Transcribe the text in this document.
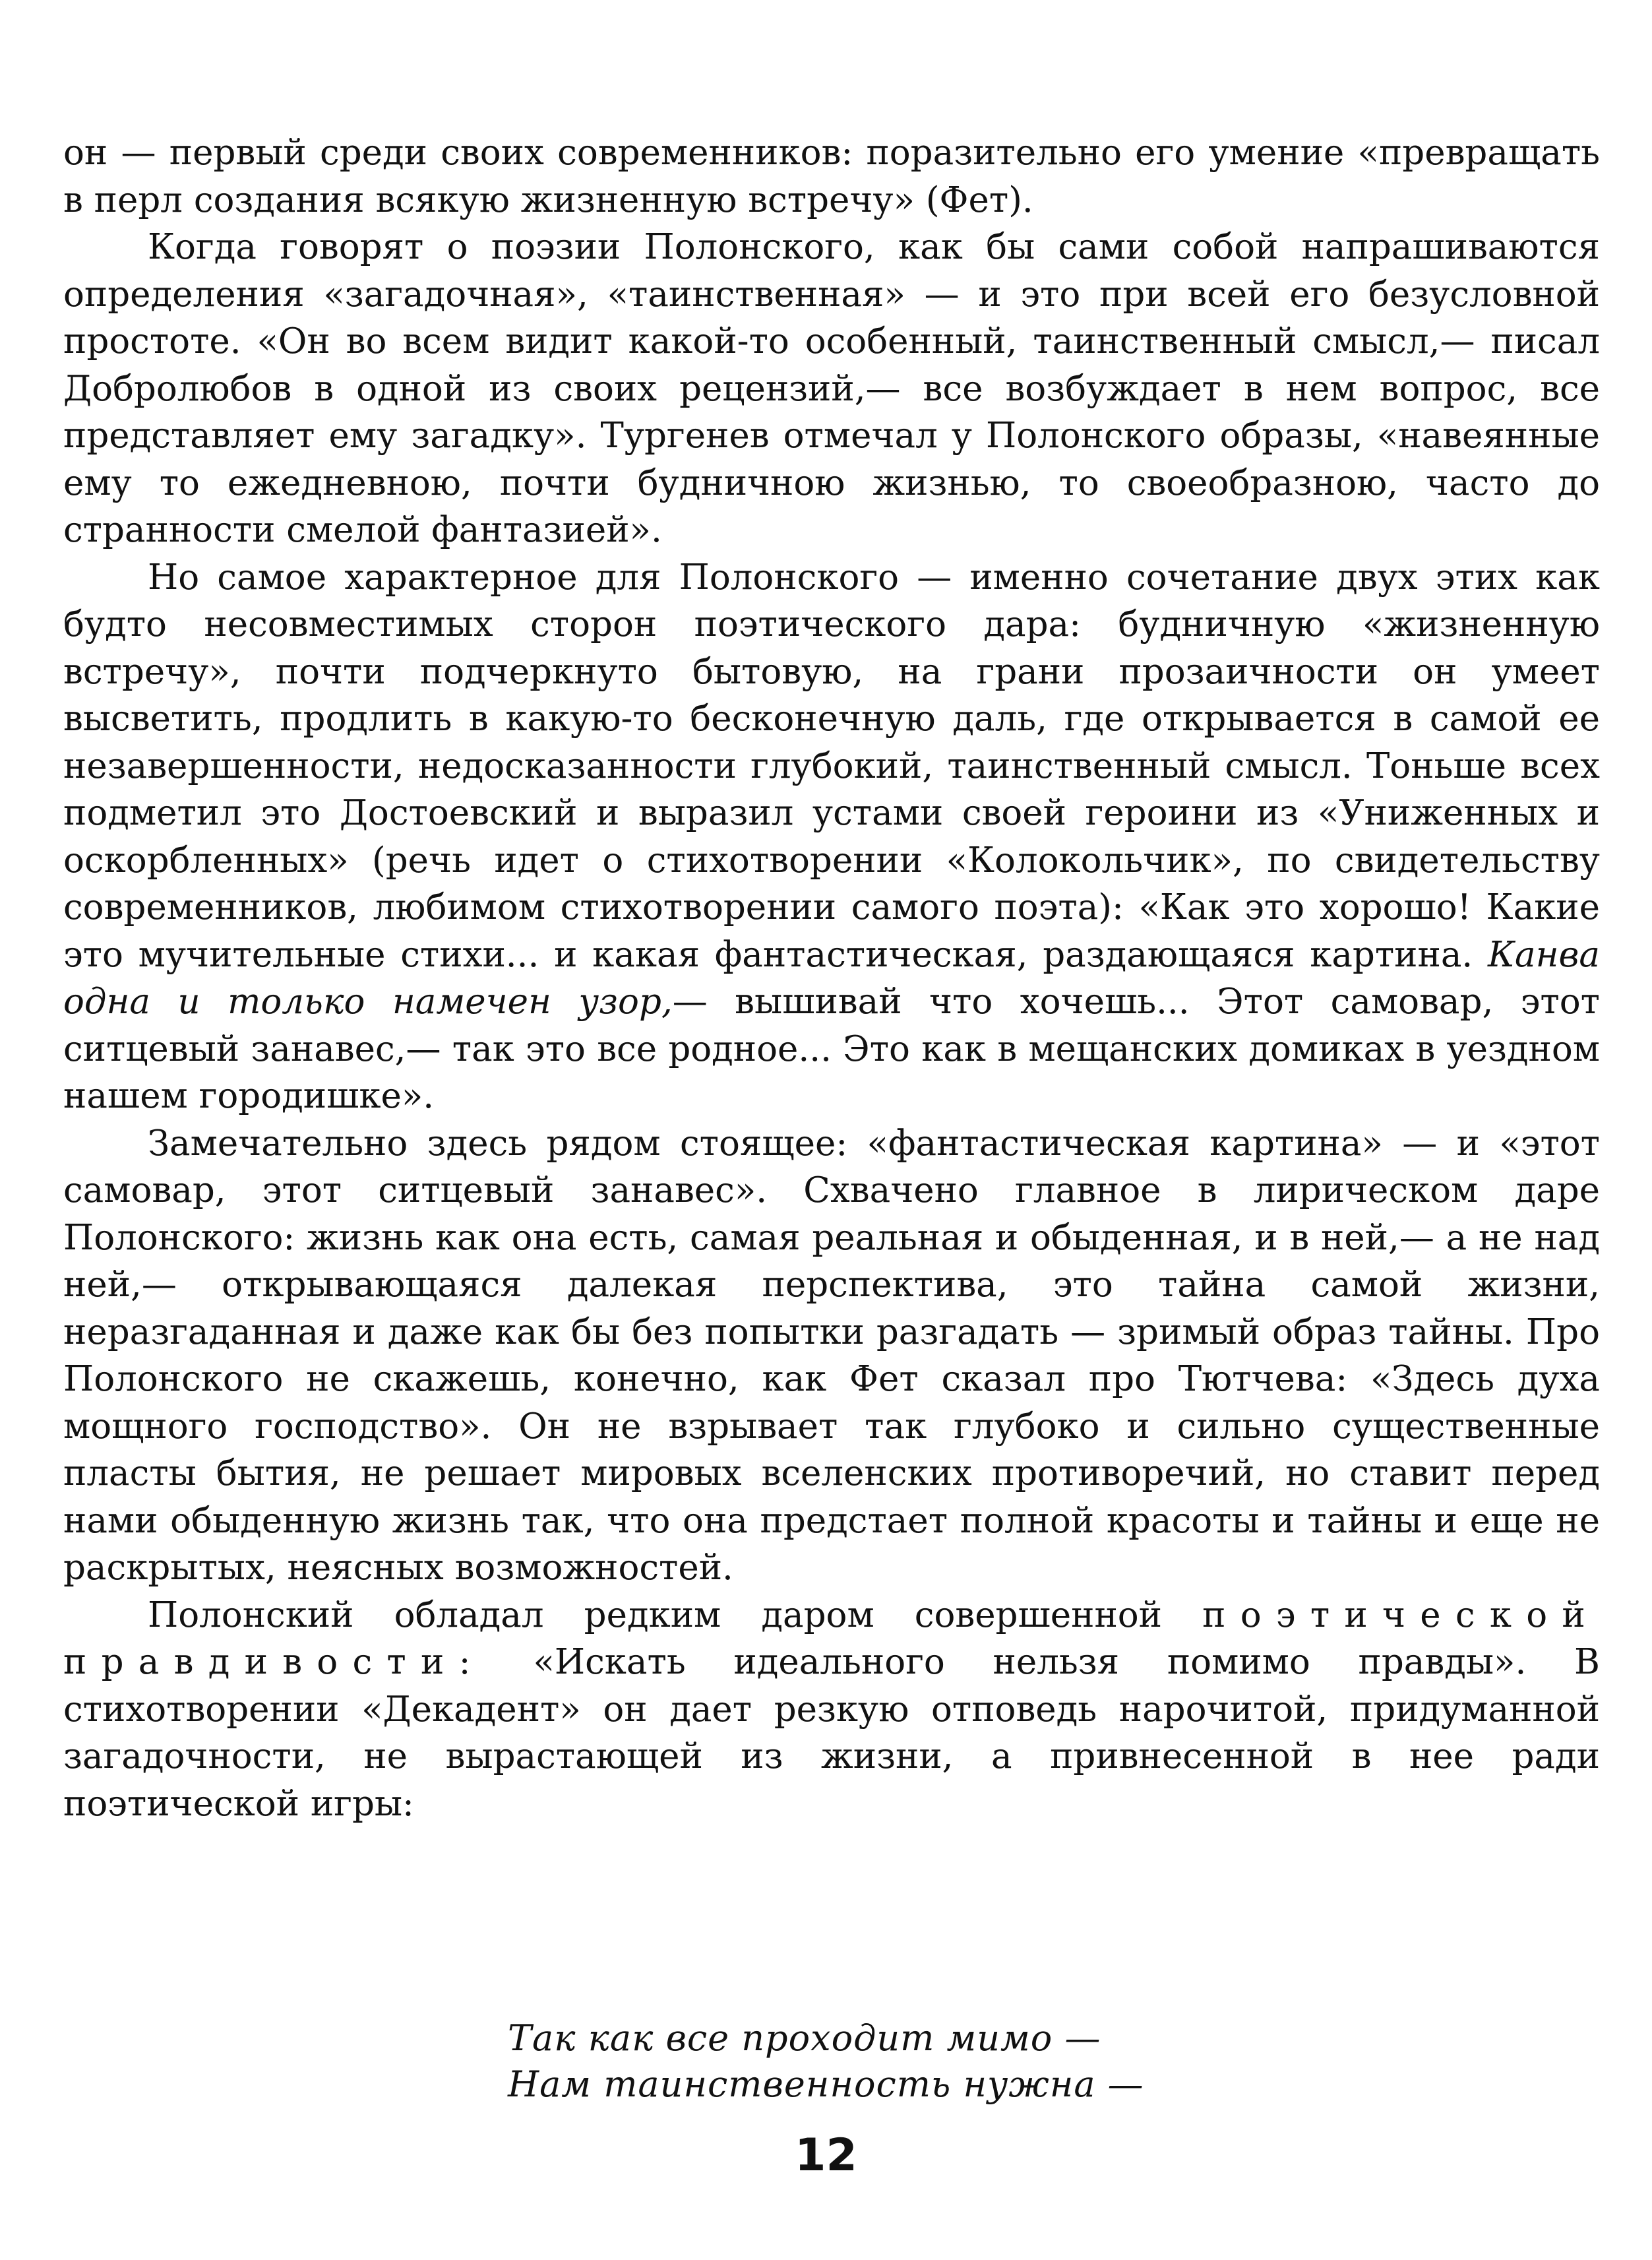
он — первый среди своих современников: поразительно его умение «превращать в перл создания всякую жизненную встречу» (Фет).

Когда говорят о поэзии Полонского, как бы сами собой напрашиваются определения «загадочная», «таинственная» — и это при всей его безусловной простоте. «Он во всем видит какой-то особенный, таинственный смысл,— писал Добролюбов в одной из своих рецензий,— все возбуждает в нем вопрос, все представляет ему загадку». Тургенев отмечал у Полонского образы, «навеянные ему то ежедневною, почти будничною жизнью, то своеобразною, часто до странности смелой фантазией».

Но самое характерное для Полонского — именно сочетание двух этих как будто несовместимых сторон поэтического дара: будничную «жизненную встречу», почти подчеркнуто бытовую, на грани прозаичности он умеет высветить, продлить в какую-то бесконечную даль, где открывается в самой ее незавершенности, недосказанности глубокий, таинственный смысл. Тоньше всех подметил это Достоевский и выразил устами своей героини из «Униженных и оскорбленных» (речь идет о стихотворении «Колокольчик», по свидетельству современников, любимом стихотворении самого поэта): «Как это хорошо! Какие это мучительные стихи... и какая фантастическая, раздающаяся картина. Канва одна и только намечен узор,— вышивай что хочешь... Этот самовар, этот ситцевый занавес,— так это все родное... Это как в мещанских домиках в уездном нашем городишке».

Замечательно здесь рядом стоящее: «фантастическая картина» — и «этот самовар, этот ситцевый занавес». Схвачено главное в лирическом даре Полонского: жизнь как она есть, самая реальная и обыденная, и в ней,— а не над ней,— открывающаяся далекая перспектива, это тайна самой жизни, неразгаданная и даже как бы без попытки разгадать — зримый образ тайны. Про Полонского не скажешь, конечно, как Фет сказал про Тютчева: «Здесь духа мощного господство». Он не взрывает так глубоко и сильно существенные пласты бытия, не решает мировых вселенских противоречий, но ставит перед нами обыденную жизнь так, что она предстает полной красоты и тайны и еще не раскрытых, неясных возможностей.

Полонский обладал редким даром совершенной поэтической правдивости: «Искать идеального нельзя помимо правды». В стихотворении «Декадент» он дает резкую отповедь нарочитой, придуманной загадочности, не вырастающей из жизни, а привнесенной в нее ради поэтической игры:

Так как все проходит мимо —
Нам таинственность нужна —
12
